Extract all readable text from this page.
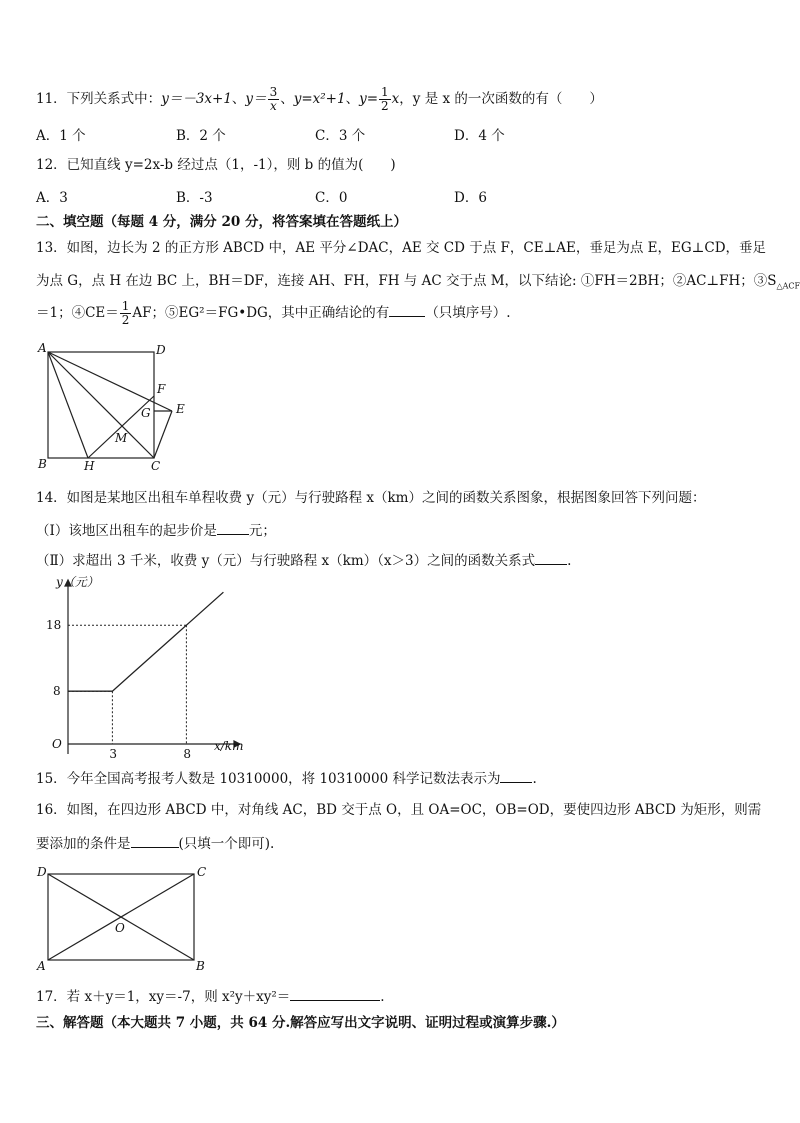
11．下列关系式中：y＝－3x+1、$y= \frac{3}{x}$ 、y=x²+1、$y= \frac{1}{2}$ x，y 是 x 的一次函数的有（　　）
A．1 个	B．2 个	C．3 个	D．4 个
12．已知直线 y=2x-b 经过点（1，-1），则 b 的值为(　　)
A．3	B．-3	C．0	D．6
二、填空题（每题 4 分，满分 20 分，将答案填在答题纸上）
13．如图，边长为 2 的正方形 ABCD 中，AE 平分∠DAC，AE 交 CD 于点 F，CE⊥AE，垂足为点 E，EG⊥CD，垂足
为点 G，点 H 在边 BC 上，BH＝DF，连接 AH、FH，FH 与 AC 交于点 M，以下结论: ①FH＝2BH；②AC⊥FH；$③S_{\triangle ACF}$
＝1；④CE＝ $\frac{1}{2}$ AF；⑤EG²＝FG•DG，其中正确结论的有	（只填序号）.
A	D
B	C
F
G E
H
M
14．如图是某地区出租车单程收费 y（元）与行驶路程 x（km）之间的函数关系图象，根据图象回答下列问题：
（Ⅰ）该地区出租车的起步价是 元；
（Ⅱ）求超出 3 千米，收费 y（元）与行驶路程 x（km）（x＞3）之间的函数关系式 .
3	8
8
18
y（元）
x/km
O
15．今年全国高考报考人数是 10310000，将 10310000 科学记数法表示为 .
16．如图，在四边形 ABCD 中，对角线 AC，BD 交于点 O，且 OA=OC，OB=OD，要使四边形 ABCD 为矩形，则需
要添加的条件是	(只填一个即可).
D	C
A	B
O
17．若 x＋y＝1，xy＝-7，则 x²y＋xy²＝	.
三、解答题（本大题共 7 小题，共 64 分.解答应写出文字说明、证明过程或演算步骤.）
